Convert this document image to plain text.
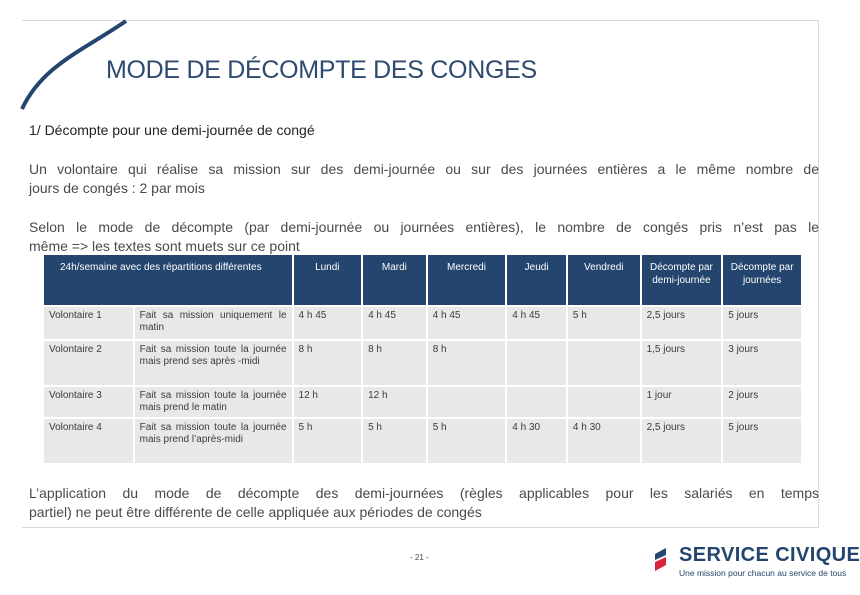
MODE DE DÉCOMPTE DES CONGES
1/ Décompte pour une demi-journée de congé
Un volontaire qui réalise sa mission sur des demi-journée ou sur des journées entières a le même nombre de
jours de congés : 2 par mois
Selon le mode de décompte (par demi-journée ou journées entières), le nombre de congés pris n’est pas le
même => les textes sont muets sur ce point
24h/semaine avec des répartitions différentes		Lundi	Mardi	Mercredi	Jeudi	Vendredi	Décompte par demi-journée	Décompte par journées
Volontaire 1	Fait sa mission uniquement le matin	4 h 45	4 h 45	4 h 45	4 h 45	5 h	2,5 jours	5 jours
Volontaire 2	Fait sa mission toute la journée mais prend ses après -midi	8 h	8 h	8 h			1,5 jours	3 jours
Volontaire 3	Fait sa mission toute la journée mais prend le matin	12 h	12 h				1 jour	2 jours
Volontaire 4	Fait sa mission toute la journée mais prend l’après-midi	5 h	5 h	5 h	4 h 30	4 h 30	2,5 jours	5 jours
L’application du mode de décompte des demi-journées (règles applicables pour les salariés en temps
partiel) ne peut être différente de celle appliquée aux périodes de congés
- 21 -	SERVICE CIVIQUE
Une mission pour chacun au service de tous
